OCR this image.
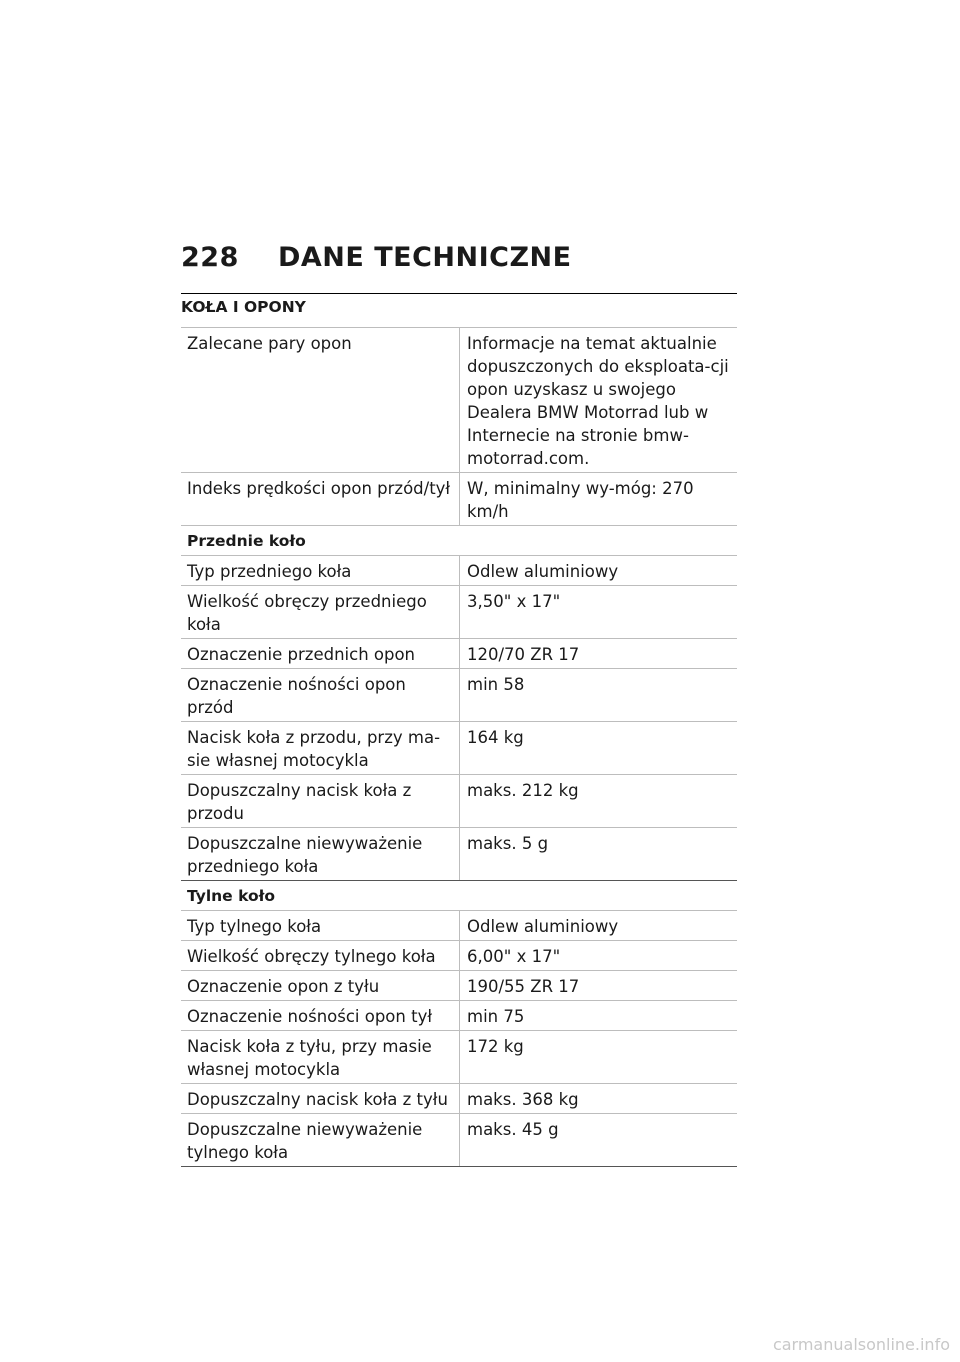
228 DANE TECHNICZNE
KOŁA I OPONY
Zalecane pary opon	Informacje na temat aktualnie dopuszczonych do eksploata-cji opon uzyskasz u swojego Dealera BMW Motorrad lub w Internecie na stronie bmw-motorrad.com.
Indeks prędkości opon przód/tył	W, minimalny wy-móg: 270 km/h
Przednie koło	
Typ przedniego koła	Odlew aluminiowy
Wielkość obręczy przedniego koła	3,50" x 17"
Oznaczenie przednich opon	120/70 ZR 17
Oznaczenie nośności opon przód	min 58
Nacisk koła z przodu, przy ma-sie własnej motocykla	164 kg
Dopuszczalny nacisk koła z przodu	maks. 212 kg
Dopuszczalne niewyważenie przedniego koła	maks. 5 g
Tylne koło	
Typ tylnego koła	Odlew aluminiowy
Wielkość obręczy tylnego koła	6,00" x 17"
Oznaczenie opon z tyłu	190/55 ZR 17
Oznaczenie nośności opon tył	min 75
Nacisk koła z tyłu, przy masie własnej motocykla	172 kg
Dopuszczalny nacisk koła z tyłu	maks. 368 kg
Dopuszczalne niewyważenie tylnego koła	maks. 45 g
carmanualsonline.info
